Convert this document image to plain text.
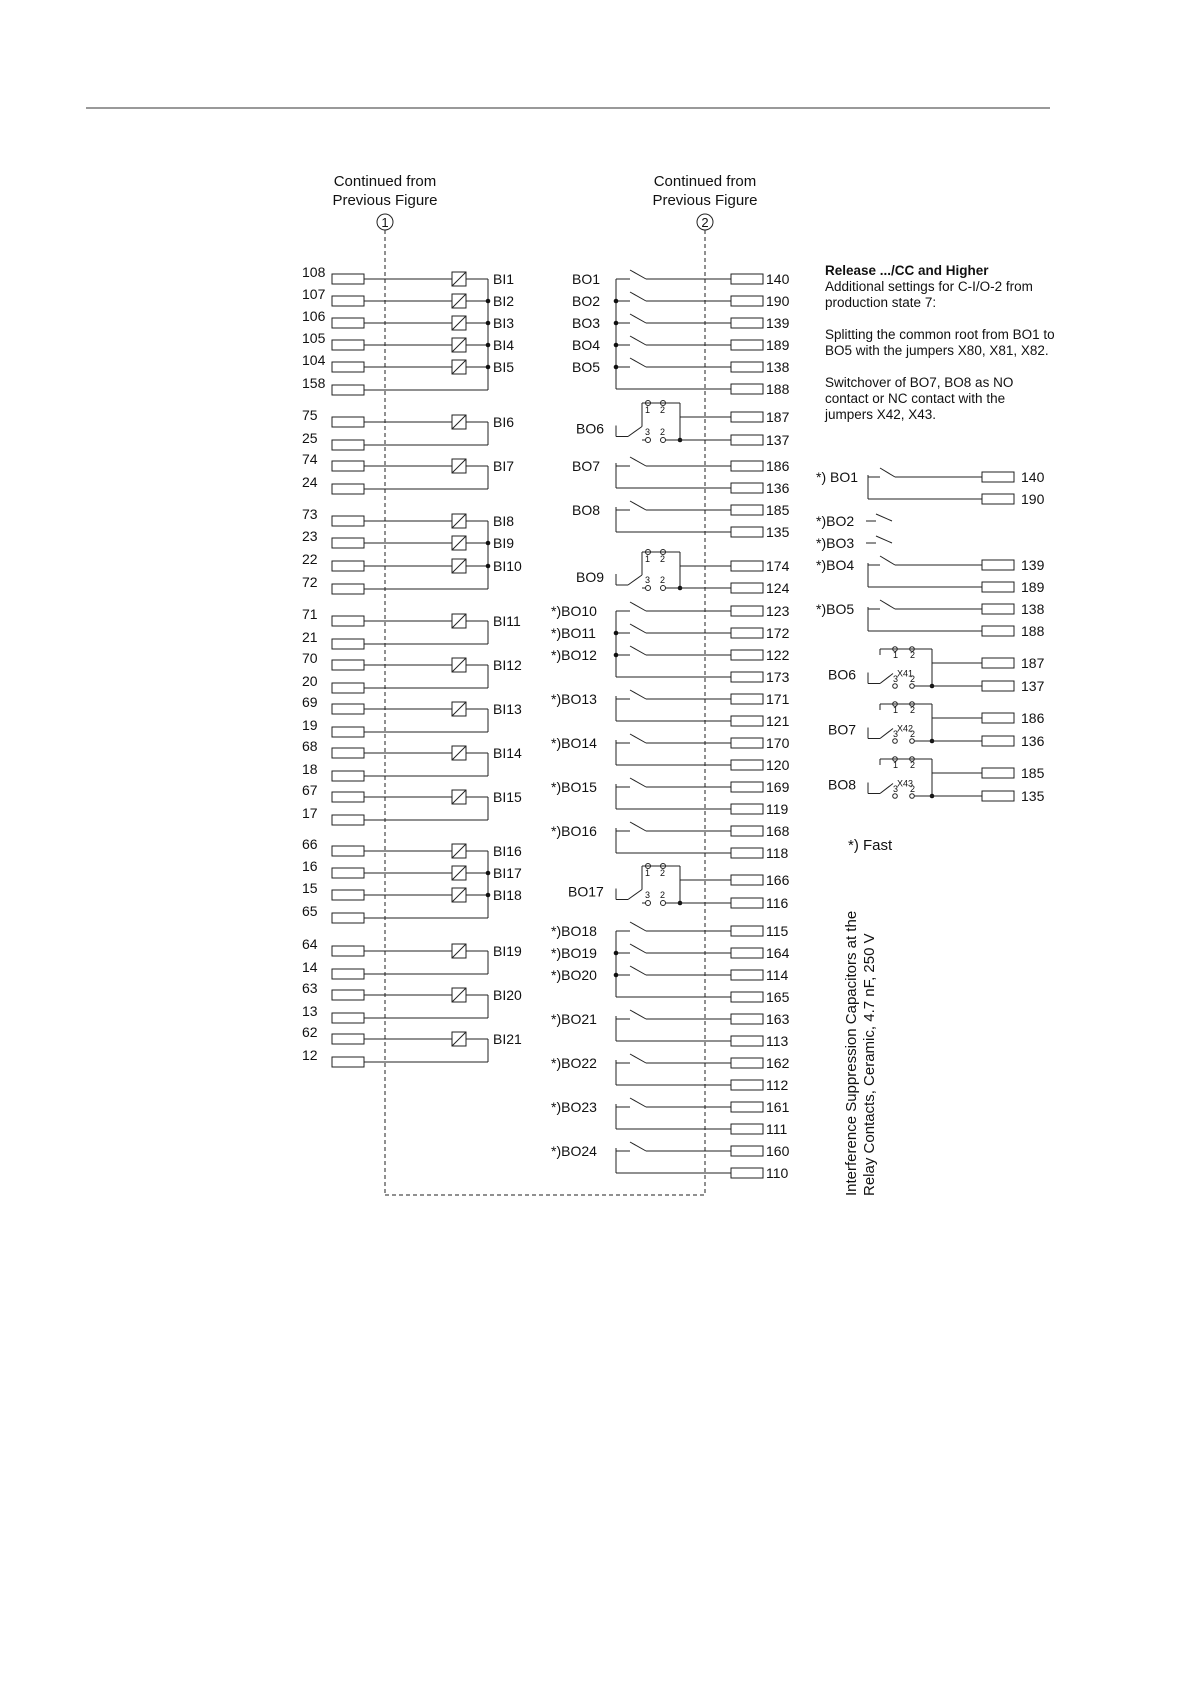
Continued from
Previous Figure
Continued from
Previous Figure
1	2
108	BI1
107	BI2
106	BI3
105	BI4
104	BI5
158
75	BI6
25
74	BI7
24
73	BI8
23	BI9
22	BI10
72
71	BI11
21
70	BI12
20
69	BI13
19
68	BI14
18
67	BI15
17
66	BI16
16	BI17
15	BI18
65
64	BI19
14
63	BI20
13
62	BI21
12
BO1	140
BO2	190
BO3	139
BO4	189
BO5	138
188
BO6
1 2
3 2
187
137
BO7	186
136
BO8	185
135
BO9
1 2
3 2
174
124
*)BO10	123
*)BO11	172
*)BO12	122
173
*)BO13	171
121
*)BO14	170
120
*)BO15	169
119
*)BO16	168
118
BO17
1 2
3 2
166
116
*)BO18	115
*)BO19	164
*)BO20	114
165
*)BO21	163
113
*)BO22	162
112
*)BO23	161
111
*)BO24	160
110
*) BO1	140
190
*)BO2
*)BO3
*)BO4	139
189
*)BO5	138
188
BO6
1 2
X41
3 2
187
137
BO7
1 2
X42
3 2
186
136
BO8
1 2
X43
3 2
185
135
Release .../CC and Higher
Additional settings for C-I/O-2 from production state 7:
Splitting the common root from BO1 to BO5 with the jumpers X80, X81, X82.
Switchover of BO7, BO8 as NO contact or NC contact with the jumpers X42, X43.
*) Fast
Interference Suppression Capacitors at the Relay Contacts, Ceramic, 4.7 nF, 250 V
